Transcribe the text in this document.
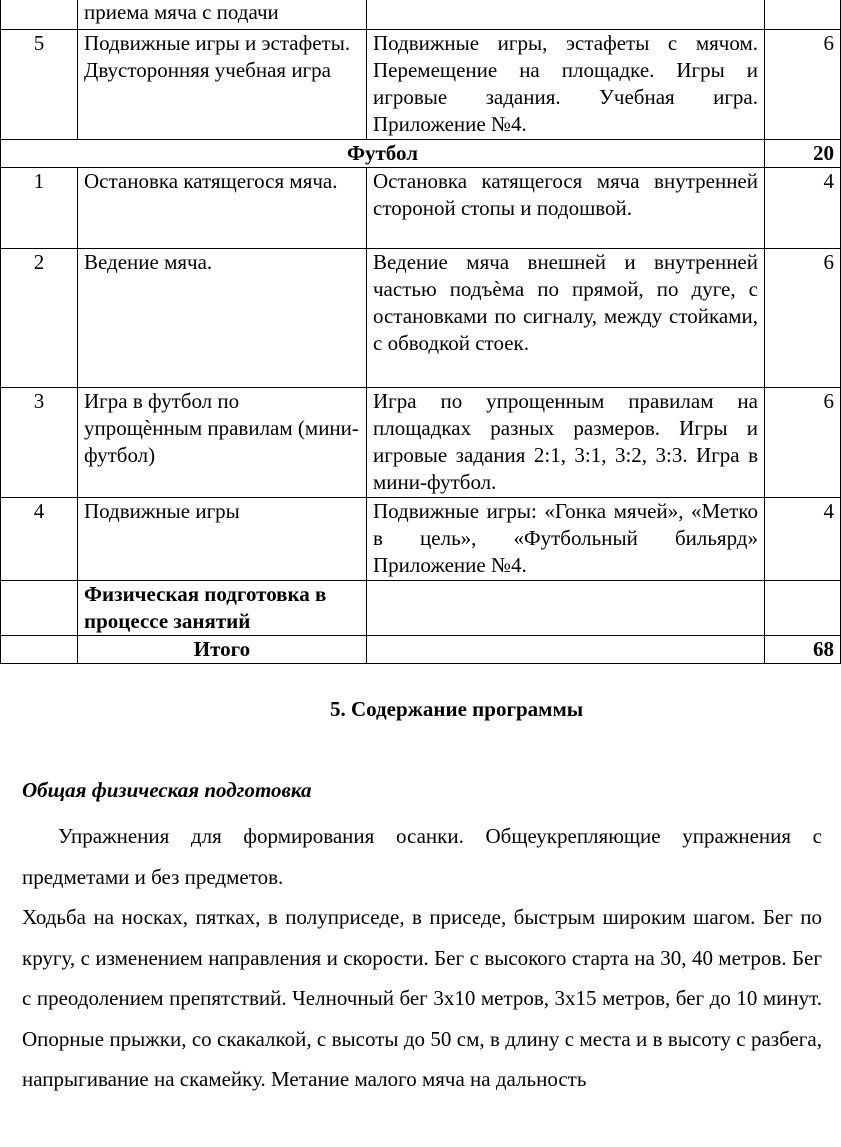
	приема мяча с подачи		
5	Подвижные игры и эстафеты. Двусторонняя учебная игра	Подвижные игры, эстафеты с мячом. Перемещение на площадке. Игры и игровые задания. Учебная игра. Приложение №4.	6
Футбол			20
1	Остановка катящегося мяча.	Остановка катящегося мяча внутренней стороной стопы и подошвой.	4
2	Ведение мяча.	Ведение мяча внешней и внутренней частью подъѐма по прямой, по дуге, с остановками по сигналу, между стойками, с обводкой стоек.	6
3	Игра в футбол по упрощѐнным правилам (мини-футбол)	Игра по упрощенным правилам на площадках разных размеров. Игры и игровые задания 2:1, 3:1, 3:2, 3:3. Игра в мини-футбол.	6
4	Подвижные игры	Подвижные игры: «Гонка мячей», «Метко в цель», «Футбольный бильярд» Приложение №4.	4
	Физическая подготовка в процессе занятий		
	Итого		68
5. Содержание программы
Общая физическая подготовка

Упражнения для формирования осанки. Общеукрепляющие упражнения с предметами и без предметов.

Ходьба на носках, пятках, в полуприседе, в приседе, быстрым широким шагом. Бег по кругу, с изменением направления и скорости. Бег с высокого старта на 30, 40 метров. Бег с преодолением препятствий. Челночный бег 3х10 метров, 3х15 метров, бег до 10 минут. Опорные прыжки, со скакалкой, с высоты до 50 см, в длину с места и в высоту с разбега, напрыгивание на скамейку. Метание малого мяча на дальность
